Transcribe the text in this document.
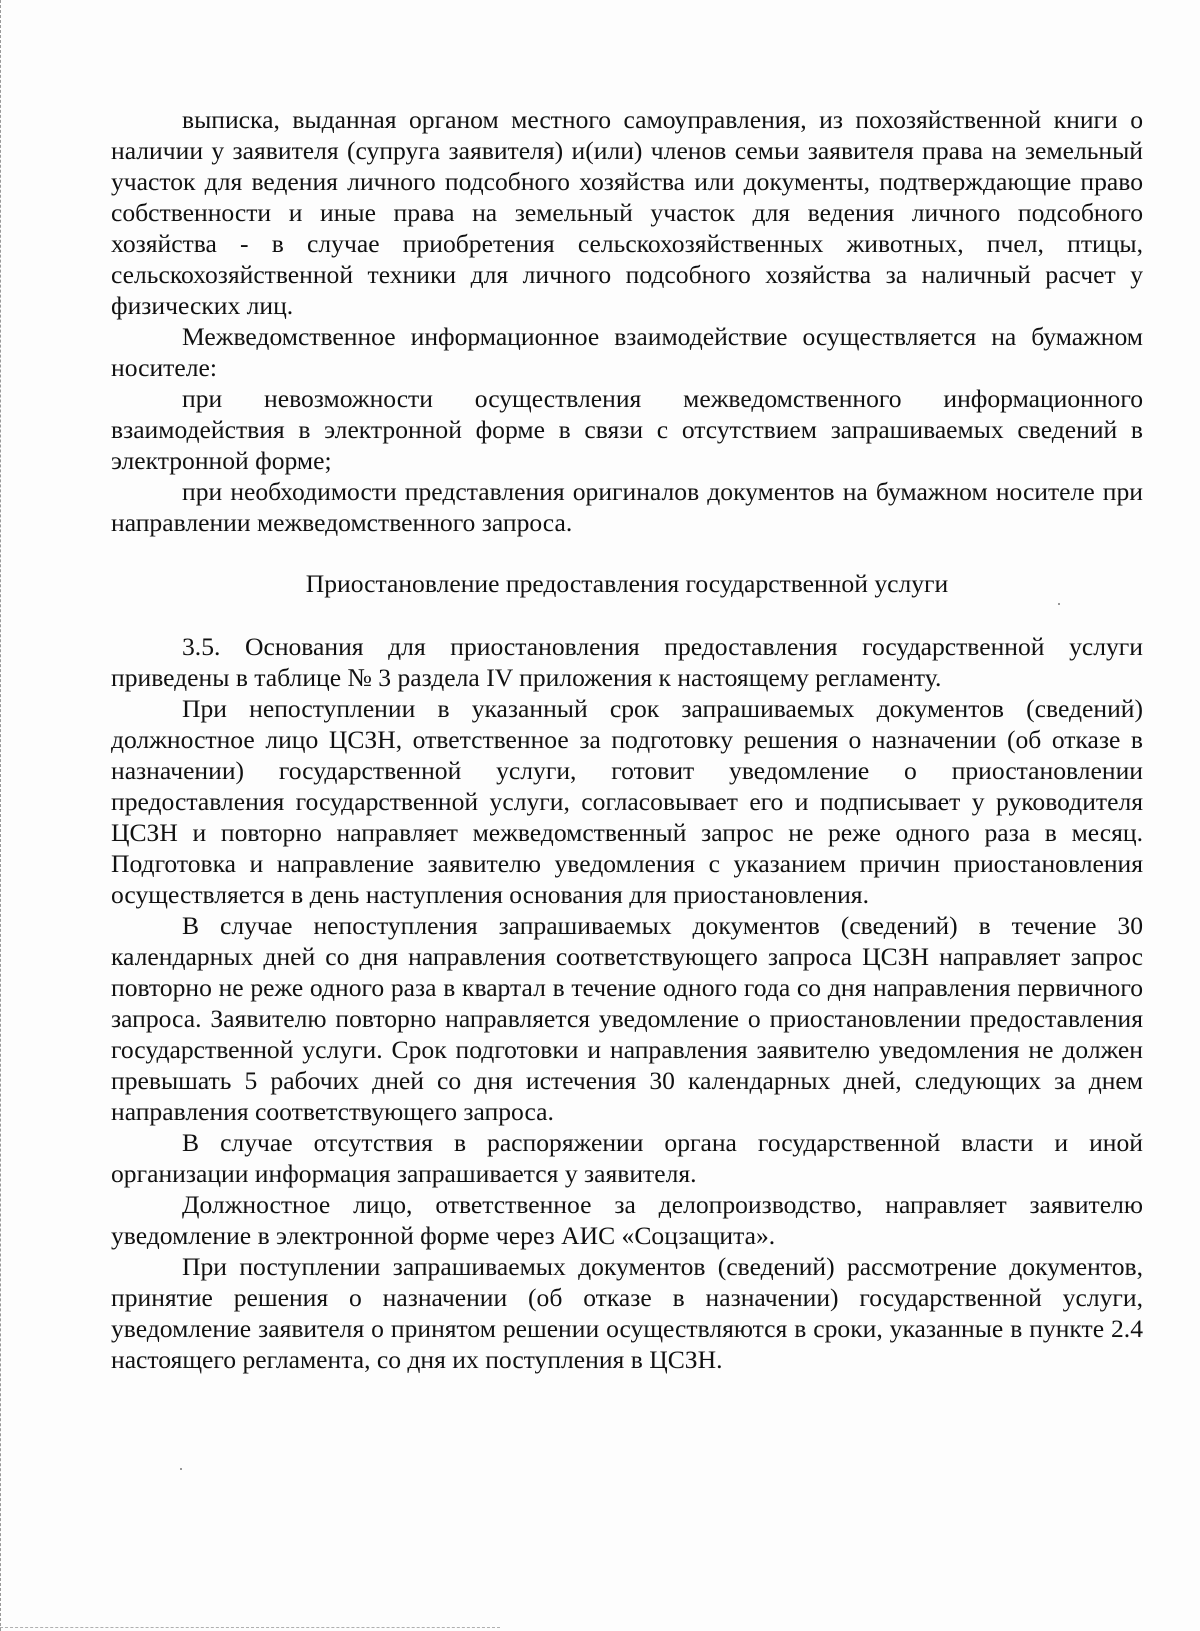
выписка, выданная органом местного самоуправления, из похозяйственной книги о наличии у заявителя (супруга заявителя) и(или) членов семьи заявителя права на земельный участок для ведения личного подсобного хозяйства или документы, подтверждающие право собственности и иные права на земельный участок для ведения личного подсобного хозяйства - в случае приобретения сельскохозяйственных животных, пчел, птицы, сельскохозяйственной техники для личного подсобного хозяйства за наличный расчет у физических лиц.

Межведомственное информационное взаимодействие осуществляется на бумажном носителе:

при невозможности осуществления межведомственного информационного взаимодействия в электронной форме в связи с отсутствием запрашиваемых сведений в электронной форме;

при необходимости представления оригиналов документов на бумажном носителе при направлении межведомственного запроса.

Приостановление предоставления государственной услуги

3.5. Основания для приостановления предоставления государственной услуги приведены в таблице № 3 раздела IV приложения к настоящему регламенту.

При непоступлении в указанный срок запрашиваемых документов (сведений) должностное лицо ЦСЗН, ответственное за подготовку решения о назначении (об отказе в назначении) государственной услуги, готовит уведомление о приостановлении предоставления государственной услуги, согласовывает его и подписывает у руководителя ЦСЗН и повторно направляет межведомственный запрос не реже одного раза в месяц. Подготовка и направление заявителю уведомления с указанием причин приостановления осуществляется в день наступления основания для приостановления.

В случае непоступления запрашиваемых документов (сведений) в течение 30 календарных дней со дня направления соответствующего запроса ЦСЗН направляет запрос повторно не реже одного раза в квартал в течение одного года со дня направления первичного запроса. Заявителю повторно направляется уведомление о приостановлении предоставления государственной услуги. Срок подготовки и направления заявителю уведомления не должен превышать 5 рабочих дней со дня истечения 30 календарных дней, следующих за днем направления соответствующего запроса.

В случае отсутствия в распоряжении органа государственной власти и иной организации информация запрашивается у заявителя.

Должностное лицо, ответственное за делопроизводство, направляет заявителю уведомление в электронной форме через АИС «Соцзащита».

При поступлении запрашиваемых документов (сведений) рассмотрение документов, принятие решения о назначении (об отказе в назначении) государственной услуги, уведомление заявителя о принятом решении осуществляются в сроки, указанные в пункте 2.4 настоящего регламента, со дня их поступления в ЦСЗН.
